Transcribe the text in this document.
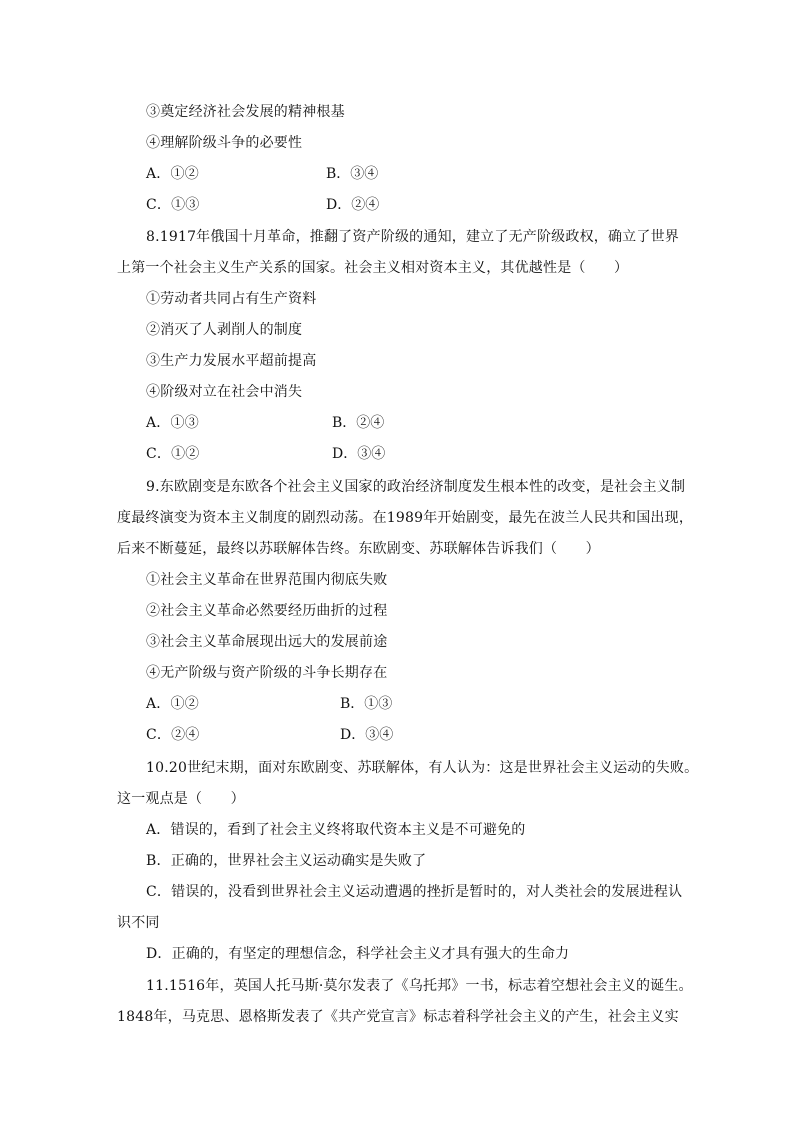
③奠定经济社会发展的精神根基
④理解阶级斗争的必要性
A．①②	B．③④
C．①③	D．②④
8.1917年俄国十月革命，推翻了资产阶级的通知，建立了无产阶级政权，确立了世界
上第一个社会主义生产关系的国家。社会主义相对资本主义，其优越性是（　　）
①劳动者共同占有生产资料
②消灭了人剥削人的制度
③生产力发展水平超前提高
④阶级对立在社会中消失
A．①③	B．②④
C．①②	D．③④
9.东欧剧变是东欧各个社会主义国家的政治经济制度发生根本性的改变，是社会主义制
度最终演变为资本主义制度的剧烈动荡。在1989年开始剧变，最先在波兰人民共和国出现，
后来不断蔓延，最终以苏联解体告终。东欧剧变、苏联解体告诉我们（　　）
①社会主义革命在世界范围内彻底失败
②社会主义革命必然要经历曲折的过程
③社会主义革命展现出远大的发展前途
④无产阶级与资产阶级的斗争长期存在
A．①②	B．①③
C．②④	D．③④
10.20世纪末期，面对东欧剧变、苏联解体，有人认为：这是世界社会主义运动的失败。
这一观点是（　　）
A．错误的，看到了社会主义终将取代资本主义是不可避免的
B．正确的，世界社会主义运动确实是失败了
C．错误的，没看到世界社会主义运动遭遇的挫折是暂时的，对人类社会的发展进程认
识不同
D．正确的，有坚定的理想信念，科学社会主义才具有强大的生命力
11.1516年，英国人托马斯·莫尔发表了《乌托邦》一书，标志着空想社会主义的诞生。
1848年，马克思、恩格斯发表了《共产党宣言》标志着科学社会主义的产生，社会主义实
